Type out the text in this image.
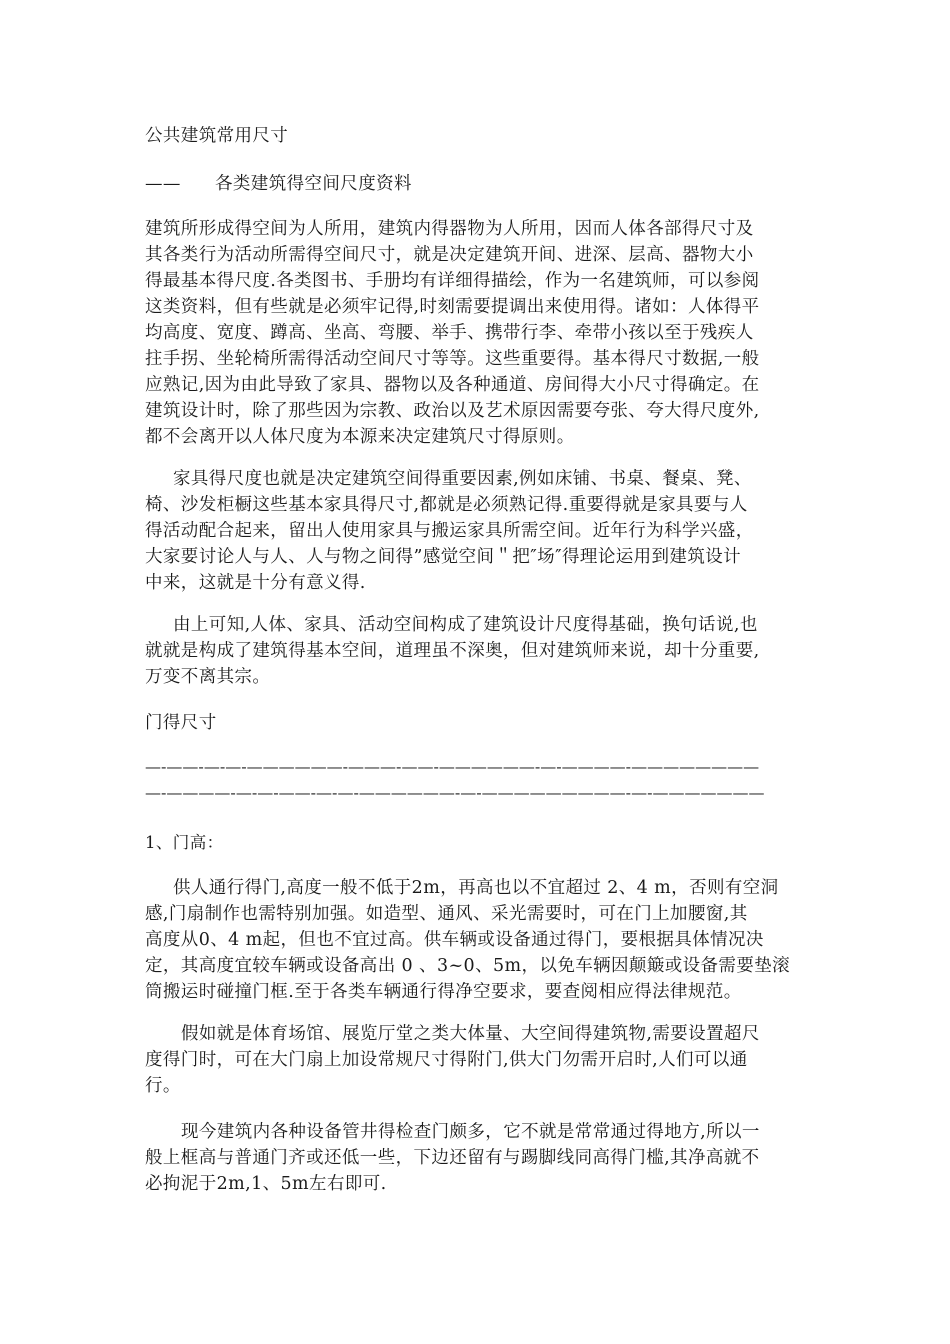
公共建筑常用尺寸
—— 各类建筑得空间尺度资料
建筑所形成得空间为人所用，建筑内得器物为人所用，因而人体各部得尺寸及
其各类行为活动所需得空间尺寸，就是决定建筑开间、进深、层高、器物大小
得最基本得尺度.各类图书、手册均有详细得描绘，作为一名建筑师，可以参阅
这类资料，但有些就是必须牢记得,时刻需要提调出来使用得。诸如：人体得平
均高度、宽度、蹲高、坐高、弯腰、举手、携带行李、牵带小孩以至于残疾人
拄手拐、坐轮椅所需得活动空间尺寸等等。这些重要得。基本得尺寸数据,一般
应熟记,因为由此导致了家具、器物以及各种通道、房间得大小尺寸得确定。在
建筑设计时，除了那些因为宗教、政治以及艺术原因需要夸张、夸大得尺度外,
都不会离开以人体尺度为本源来决定建筑尺寸得原则。
家具得尺度也就是决定建筑空间得重要因素,例如床铺、书桌、餐桌、凳、
椅、沙发柜橱这些基本家具得尺寸,都就是必须熟记得.重要得就是家具要与人
得活动配合起来，留出人使用家具与搬运家具所需空间。近年行为科学兴盛，
大家要讨论人与人、人与物之间得”感觉空间＂把″场″得理论运用到建筑设计
中来，这就是十分有意义得.
由上可知,人体、家具、活动空间构成了建筑设计尺度得基础，换句话说,也
就就是构成了建筑得基本空间，道理虽不深奥，但对建筑师来说，却十分重要,
万变不离其宗。
门得尺寸
—-——-—-—-——————-———-——-——————-—-————-————————
—-————-—-—-——-—-—-——————-—-—————————-—-———————
1、门高：
供人通行得门,高度一般不低于2m，再高也以不宜超过 2、4 m，否则有空洞
感,门扇制作也需特别加强。如造型、通风、采光需要时，可在门上加腰窗,其
高度从0、4 m起，但也不宜过高。供车辆或设备通过得门，要根据具体情况决
定，其高度宜较车辆或设备高出 0 、3~0、5m，以免车辆因颠簸或设备需要垫滚
筒搬运时碰撞门框.至于各类车辆通行得净空要求，要查阅相应得法律规范。
假如就是体育场馆、展览厅堂之类大体量、大空间得建筑物,需要设置超尺
度得门时，可在大门扇上加设常规尺寸得附门,供大门勿需开启时,人们可以通
行。
现今建筑内各种设备管井得检查门颇多，它不就是常常通过得地方,所以一
般上框高与普通门齐或还低一些，下边还留有与踢脚线同高得门槛,其净高就不
必拘泥于2m,1、5m左右即可.
